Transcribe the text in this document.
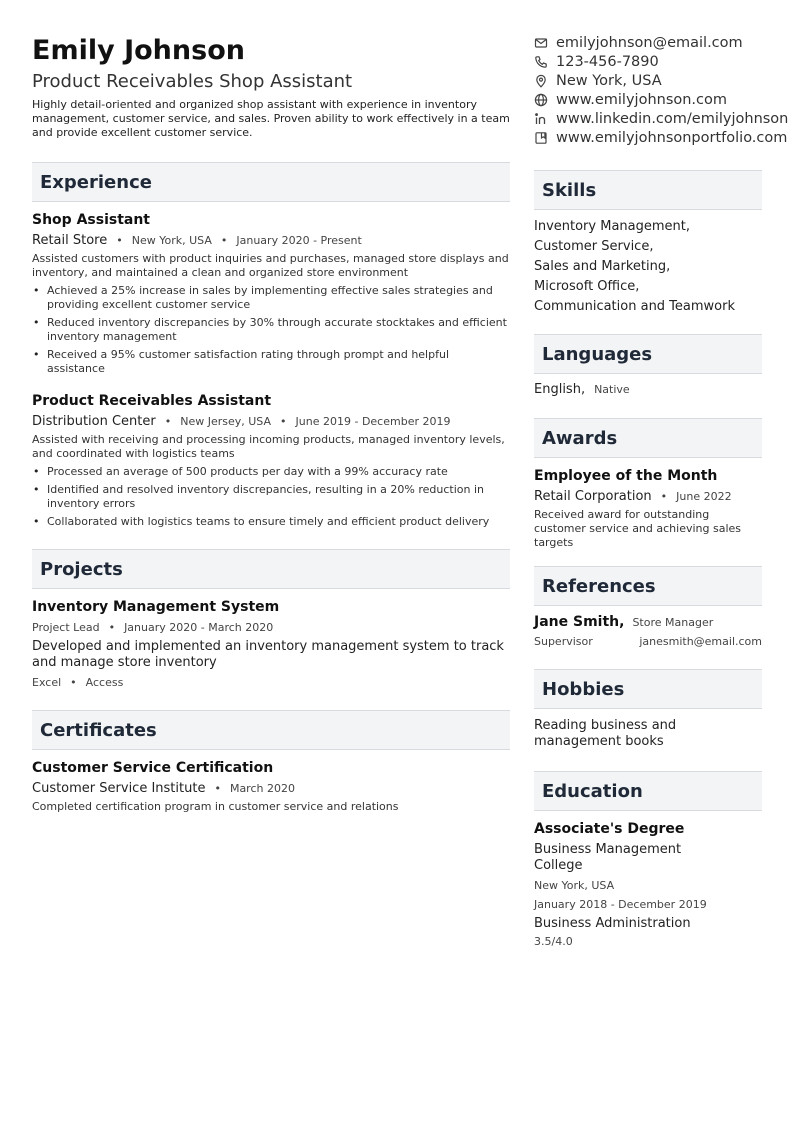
Emily Johnson
Product Receivables Shop Assistant
Highly detail-oriented and organized shop assistant with experience in inventory management, customer service, and sales. Proven ability to work effectively in a team and provide excellent customer service.
Experience
Shop Assistant
Retail Store • New York, USA • January 2020 - Present
Assisted customers with product inquiries and purchases, managed store displays and inventory, and maintained a clean and organized store environment
• Achieved a 25% increase in sales by implementing effective sales strategies and providing excellent customer service
• Reduced inventory discrepancies by 30% through accurate stocktakes and efficient inventory management
• Received a 95% customer satisfaction rating through prompt and helpful assistance
Product Receivables Assistant
Distribution Center • New Jersey, USA • June 2019 - December 2019
Assisted with receiving and processing incoming products, managed inventory levels, and coordinated with logistics teams
• Processed an average of 500 products per day with a 99% accuracy rate
• Identified and resolved inventory discrepancies, resulting in a 20% reduction in inventory errors
• Collaborated with logistics teams to ensure timely and efficient product delivery
Projects
Inventory Management System
Project Lead • January 2020 - March 2020
Developed and implemented an inventory management system to track and manage store inventory
Excel • Access
Certificates
Customer Service Certification
Customer Service Institute • March 2020
Completed certification program in customer service and relations
emilyjohnson@email.com
123-456-7890
New York, USA
www.emilyjohnson.com
www.linkedin.com/emilyjohnson
www.emilyjohnsonportfolio.com
Skills
Inventory Management,
Customer Service,
Sales and Marketing,
Microsoft Office,
Communication and Teamwork
Languages
English, Native
Awards
Employee of the Month
Retail Corporation • June 2022
Received award for outstanding customer service and achieving sales targets
References
Jane Smith, Store Manager
Supervisor	janesmith@email.com
Hobbies
Reading business and management books
Education
Associate's Degree
Business Management College
New York, USA
January 2018 - December 2019
Business Administration
3.5/4.0
